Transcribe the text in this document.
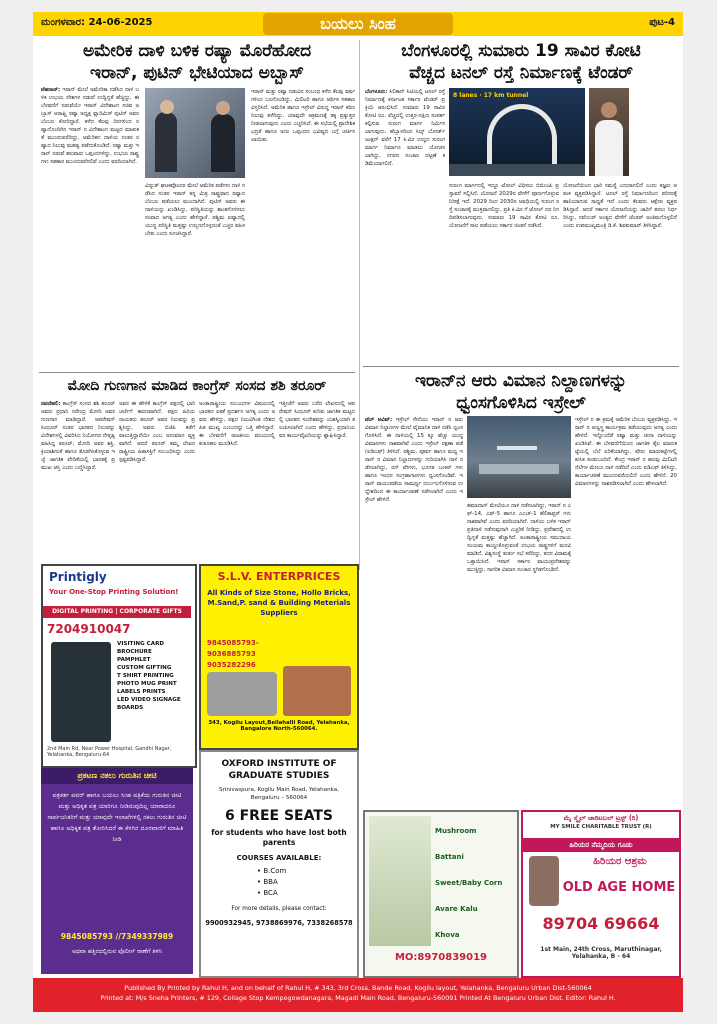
ಮಂಗಳವಾರ: 24-06-2025	ಬಯಲು ಸಿಂಹ	ಪುಟ-4
ಅಮೇರಿಕ ದಾಳಿ ಬಳಿಕ ರಷ್ಯಾ ಮೊರೆಹೋದ
ಇರಾನ್, ಪುಟಿನ್ ಭೇಟಿಯಾದ ಅಬ್ಬಾಸ್

ಟೆಹರಾನ್: ಇರಾನ್ ಮೇಲೆ ಅಮೇರಿಕಾ ನಡೆಸಿದ ದಾಳಿ ಬಳಿಕ ಉಭಯ ದೇಶಗಳ ನಡುವೆ ಉದ್ವಿಗ್ನತೆ ಹೆಚ್ಚಿದ್ದು, ಈ ಬೆಳವಣಿಗೆ ನಡುವೆಯೇ ಇರಾನ್ ವಿದೇಶಾಂಗ ಸಚಿವ ಅಬ್ಬಾಸ್ ಅರಾಘ್ಚಿ ರಷ್ಯಾ ಅಧ್ಯಕ್ಷ ವ್ಲಾದಿಮಿರ್ ಪುಟಿನ್ ಅವರ ಬೆಂಬಲ ಕೋರಿದ್ದಾರೆ. ಕಳೆದ ಕೆಲವು ದಿನಗಳಿಂದ ರಷ್ಯಾದೊಂದಿಗಿನ ಇರಾನ್ ನ ವಿದೇಶಾಂಗ ಮಟ್ಟದ ಮಾತುಕತೆ ಮುಂದುವರೆದಿದ್ದು, ಅಮೆರಿಕದ ದಾಳಿಯ ನಂತರ ರಷ್ಯಾದ ನಿಲುವು ಮಹತ್ವ ಪಡೆದುಕೊಂಡಿದೆ. ರಷ್ಯಾ ಮತ್ತು ಇರಾನ್ ನಡುವೆ ಹಲವಾರು ಒಪ್ಪಂದಗಳಿದ್ದು, ಉಭಯ ರಾಷ್ಟ್ರಗಳು ಸಹಕಾರ ಮುಂದುವರೆಸಲಿವೆ ಎಂದು ವರದಿಯಾಗಿದೆ.

ವಿದ್ಯುತ್ ಘಟಕವೊಂದರ ಮೇಲೆ ಅಮೆರಿಕ ಪಡೆಗಳು ದಾಳಿ ನಡೆಸಿದ ನಂತರ ಇರಾನ್ ತನ್ನ ಮಿತ್ರ ರಾಷ್ಟ್ರವಾದ ರಷ್ಯಾದ ಬೆಂಬಲ ಪಡೆಯಲು ಮುಂದಾಗಿದೆ. ಪುಟಿನ್ ಅವರು ಈ ದಾಳಿಯನ್ನು ಖಂಡಿಸಿದ್ದು, ಪರಿಸ್ಥಿತಿಯನ್ನು ಶಾಂತಗೊಳಿಸಲು ಸಂವಾದ ಅಗತ್ಯ ಎಂದು ಹೇಳಿದ್ದಾರೆ. ಪಶ್ಚಿಮ ಏಷ್ಯಾದಲ್ಲಿ ಯುದ್ಧ ಪರಿಸ್ಥಿತಿ ಮತ್ತಷ್ಟು ಉಲ್ಬಣಗೊಳ್ಳದಂತೆ ಎಚ್ಚರ ವಹಿಸಬೇಕು ಎಂದು ಸೂಚಿಸಿದ್ದಾರೆ.

ಇರಾನ್ ಮತ್ತು ರಷ್ಯಾ ನಡುವಿನ ಸಂಬಂಧ ಕಳೆದ ಕೆಲವು ವರ್ಷಗಳಿಂದ ಬಲಗೊಂಡಿದ್ದು, ಮಿಲಿಟರಿ ಹಾಗೂ ಆರ್ಥಿಕ ಸಹಕಾರ ವಿಸ್ತರಿಸಿದೆ. ಅಮೆರಿಕ ಹಾಗೂ ಇಸ್ರೇಲ್ ವಿರುದ್ಧ ಇರಾನ್ ಕಠಿಣ ನಿಲುವು ತಳೆದಿದ್ದು, ಯಾವುದೇ ಆಕ್ರಮಣಕ್ಕೆ ತಕ್ಕ ಪ್ರತ್ಯುತ್ತರ ನೀಡಲಾಗುವುದು ಎಂದು ಎಚ್ಚರಿಸಿದೆ. ಈ ಸಭೆಯಲ್ಲಿ ಪ್ರಾದೇಶಿಕ ಭದ್ರತೆ ಹಾಗೂ ಅಣು ಒಪ್ಪಂದದ ಭವಿಷ್ಯದ ಬಗ್ಗೆ ಚರ್ಚಿಸಲಾಯಿತು.

ಮೋದಿ ಗುಣಗಾನ ಮಾಡಿದ ಕಾಂಗ್ರೆಸ್ ಸಂಸದ ಶಶಿ ತರೂರ್

ನವದೆಹಲಿ: ಕಾಂಗ್ರೆಸ್ ಸಂಸದ ಶಶಿ ತರೂರ್ ಅವರು ಪ್ರಧಾನಿ ನರೇಂದ್ರ ಮೋದಿ ಅವರ ಗುಣಗಾನ ಮಾಡಿದ್ದಾರೆ. ಆಪರೇಷನ್ ಸಿಂಧೂರ್ ನಂತರ ಭಾರತದ ನಿಲುವನ್ನು ವಿದೇಶಗಳಲ್ಲಿ ವಿವರಿಸಿದ ನಿಯೋಗದ ನೇತೃತ್ವ ವಹಿಸಿದ್ದ ತರೂರ್, ಮೋದಿ ಅವರ ಶಕ್ತಿ, ಕ್ರಿಯಾಶೀಲತೆ ಹಾಗೂ ತೊಡಗಿಸಿಕೊಳ್ಳುವ ಇಚ್ಛೆ ಜಾಗತಿಕ ವೇದಿಕೆಯಲ್ಲಿ ಭಾರತಕ್ಕೆ ಪ್ರಮುಖ ಆಸ್ತಿ ಎಂದು ಬಣ್ಣಿಸಿದ್ದಾರೆ.

ಅವರ ಈ ಹೇಳಿಕೆ ಕಾಂಗ್ರೆಸ್ ಪಕ್ಷದಲ್ಲಿ ಭಾರಿ ಚರ್ಚೆಗೆ ಕಾರಣವಾಗಿದೆ. ಪಕ್ಷದ ಹಿರಿಯ ನಾಯಕರು ತರೂರ್ ಅವರ ನಿಲುವನ್ನು ಪ್ರಶ್ನಿಸಿದ್ದು, ಅವರು ಬಿಜೆಪಿ ಕಡೆಗೆ ವಾಲುತ್ತಿದ್ದಾರೆಯೇ ಎಂಬ ಅನುಮಾನ ವ್ಯಕ್ತವಾಗಿದೆ. ಆದರೆ ತರೂರ್ ತಮ್ಮ ಲೇಖನ ರಾಷ್ಟ್ರೀಯ ಹಿತಾಸಕ್ತಿಗೆ ಸಂಬಂಧಿಸಿದ್ದು ಎಂದು ಸ್ಪಷ್ಟಪಡಿಸಿದ್ದಾರೆ.

ಅಂತಾರಾಷ್ಟ್ರೀಯ ಸಂಬಂಧಗಳ ವಿಷಯದಲ್ಲಿ ಭಾರತದ ಏಕತೆ ಪ್ರದರ್ಶನ ಅಗತ್ಯ ಎಂದು ಅವರು ಹೇಳಿದ್ದು, ಪಕ್ಷದ ನಿಲುವಿಗಿಂತ ದೇಶದ ಹಿತ ಮುಖ್ಯ ಎಂಬುದನ್ನು ಒತ್ತಿ ಹೇಳಿದ್ದಾರೆ. ಈ ಬೆಳವಣಿಗೆ ರಾಜಕೀಯ ವಲಯದಲ್ಲಿ ಕುತೂಹಲ ಮೂಡಿಸಿದೆ.

ಇತ್ತೀಚೆಗೆ ಅವರು ಬರೆದ ಲೇಖನದಲ್ಲಿ ಆಪರೇಷನ್ ಸಿಂಧೂರ್ ಕುರಿತು ಜಾಗತಿಕ ಮಟ್ಟದಲ್ಲಿ ಭಾರತದ ಸಂದೇಶವನ್ನು ಯಶಸ್ವಿಯಾಗಿ ತಲುಪಿಸಲಾಗಿದೆ ಎಂದು ಹೇಳಿದ್ದು, ಪ್ರಧಾನಿಯವರ ಕಾರ್ಯವೈಖರಿಯನ್ನು ಶ್ಲಾಘಿಸಿದ್ದಾರೆ.

ಬೆಂಗಳೂರಲ್ಲಿ ಸುಮಾರು 19 ಸಾವಿರ ಕೋಟಿ
ವೆಚ್ಚದ ಟನಲ್ ರಸ್ತೆ ನಿರ್ಮಾಣಕ್ಕೆ ಟೆಂಡರ್

ಬೆಂಗಳೂರು: ಸಿಲಿಕಾನ್ ಸಿಟಿಯಲ್ಲಿ ಟನಲ್ ರಸ್ತೆ ನಿರ್ಮಾಣಕ್ಕೆ ಕರ್ನಾಟಕ ಸರ್ಕಾರ ಟೆಂಡರ್ ಪ್ರಕ್ರಿಯೆ ಆರಂಭಿಸಿದೆ. ಸುಮಾರು 19 ಸಾವಿರ ಕೋಟಿ ರೂ. ವೆಚ್ಚದಲ್ಲಿ ಉತ್ತರ-ದಕ್ಷಿಣ ಸಂಪರ್ಕ ಕಲ್ಪಿಸುವ ಸುರಂಗ ಮಾರ್ಗ ನಿರ್ಮಿಸಲಾಗುವುದು. ಹೆಬ್ಬಾಳದಿಂದ ಸಿಲ್ಕ್ ಬೋರ್ಡ್ ಜಂಕ್ಷನ್ ವರೆಗೆ 17 ಕಿ.ಮೀ ಉದ್ದದ ಸುರಂಗ ಮಾರ್ಗ ನಿರ್ಮಾಣ ಮಾಡಲು ಯೋಜಿಸಲಾಗಿದ್ದು, ನಗರದ ಸಂಚಾರ ದಟ್ಟಣೆ ಕಡಿಮೆಯಾಗಲಿದೆ.

8 lanes · 17 km tunnel

ಸುರಂಗ ಮಾರ್ಗದಲ್ಲಿ ಇದ್ದೂ ಟೋಲ್ ವಿಧಿಸಲು ಬಿಬಿಎಂಪಿ ಪ್ರಸ್ತಾವನೆ ಸಲ್ಲಿಸಿದೆ. ಯೋಜನೆ 2029ರ ವೇಳೆಗೆ ಪೂರ್ಣಗೊಳ್ಳುವ ನಿರೀಕ್ಷೆ ಇದೆ. 2029 ರಿಂದ 2030ರ ಅವಧಿಯಲ್ಲಿ ಸುರಂಗ ರಸ್ತೆ ಸಂಚಾರಕ್ಕೆ ಮುಕ್ತವಾಗಲಿದ್ದು, ಪ್ರತಿ ಕಿ.ಮೀ ಗೆ ಟೋಲ್ ದರ ನಿಗದಿಪಡಿಸಲಾಗುವುದು. ಸುಮಾರು 19 ಸಾವಿರ ಕೋಟಿ ರೂ. ಯೋಜನೆಗೆ ಸಾಲ ಪಡೆಯಲು ಸರ್ಕಾರ ಚಿಂತನೆ ನಡೆಸಿದೆ.

ಯೋಜನೆಯಿಂದ ಭಾರಿ ಸಮಸ್ಯೆ ಎದುರಾಗಲಿದೆ ಎಂದು ತಜ್ಞರು ಆತಂಕ ವ್ಯಕ್ತಪಡಿಸಿದ್ದಾರೆ. ಟನಲ್ ರಸ್ತೆ ನಿರ್ಮಾಣದಿಂದ ಪರಿಸರಕ್ಕೆ ಹಾನಿಯಾಗುವ ಸಾಧ್ಯತೆ ಇದೆ ಎಂದು ಕೆಲವರು ಆಕ್ಷೇಪ ವ್ಯಕ್ತಪಡಿಸಿದ್ದಾರೆ. ಆದರೆ ಸರ್ಕಾರ ಯೋಜನೆಯನ್ನು ಜಾರಿಗೆ ತರಲು ನಿರ್ಧರಿಸಿದ್ದು, ನವೆಂಬರ್ ಅಂತ್ಯದ ವೇಳೆಗೆ ಟೆಂಡರ್ ಅಂತಿಮಗೊಳ್ಳಲಿದೆ ಎಂದು ಉಪಮುಖ್ಯಮಂತ್ರಿ ಡಿ.ಕೆ. ಶಿವಕುಮಾರ್ ತಿಳಿಸಿದ್ದಾರೆ.

ಇರಾನ್‌ನ ಆರು ವಿಮಾನ ನಿಲ್ದಾಣಗಳನ್ನು
ಧ್ವಂಸಗೊಳಿಸಿದ ಇಸ್ರೇಲ್

ಟೆಲ್ ಅವಿವ್: ಇಸ್ರೇಲ್ ಸೇನೆಯು ಇರಾನ್ ನ ಆರು ವಿಮಾನ ನಿಲ್ದಾಣಗಳ ಮೇಲೆ ವೈಮಾನಿಕ ದಾಳಿ ನಡೆಸಿ ಧ್ವಂಸಗೊಳಿಸಿದೆ. ಈ ದಾಳಿಯಲ್ಲಿ 15 ಕ್ಕೂ ಹೆಚ್ಚು ಯುದ್ಧ ವಿಮಾನಗಳು ನಾಶವಾಗಿವೆ ಎಂದು ಇಸ್ರೇಲ್ ರಕ್ಷಣಾ ಪಡೆ (ಐಡಿಎಫ್) ತಿಳಿಸಿದೆ. ಪಶ್ಚಿಮ, ಪೂರ್ವ ಹಾಗೂ ಮಧ್ಯ ಇರಾನ್ ನ ವಿಮಾನ ನಿಲ್ದಾಣಗಳನ್ನು ಗುರಿಯಾಗಿಸಿ ದಾಳಿ ನಡೆಸಲಾಗಿದ್ದು, ರನ್ ವೇಗಳು, ಭೂಗತ ಬಂಕರ್ ಗಳು ಹಾಗೂ ಇಂಧನ ಸಂಗ್ರಹಾಗಾರಗಳು ಧ್ವಂಸಗೊಂಡಿವೆ. ಇರಾನ್ ವಾಯುಪಡೆಯ ಸಾಮರ್ಥ್ಯ ದುರ್ಬಲಗೊಳಿಸುವ ಉದ್ದೇಶದಿಂದ ಈ ಕಾರ್ಯಾಚರಣೆ ನಡೆಸಲಾಗಿದೆ ಎಂದು ಇಸ್ರೇಲ್ ಹೇಳಿದೆ.

ಹಮಾದಾನ್ ಮೇಲೆಯೂ ದಾಳಿ ನಡೆಸಲಾಗಿದ್ದು, ಇರಾನ್ ನ ಎಫ್-14, ಎಫ್-5 ಹಾಗೂ ಎಎಚ್-1 ಹೆಲಿಕಾಪ್ಟರ್ ಗಳು ನಾಶವಾಗಿವೆ ಎಂದು ವರದಿಯಾಗಿದೆ. ದಾಳಿಯ ಬಳಿಕ ಇರಾನ್ ಪ್ರತಿದಾಳಿ ನಡೆಸುವುದಾಗಿ ಎಚ್ಚರಿಕೆ ನೀಡಿದ್ದು, ಪ್ರದೇಶದಲ್ಲಿ ಉದ್ವಿಗ್ನತೆ ಮತ್ತಷ್ಟು ಹೆಚ್ಚಾಗಿದೆ. ಅಂತಾರಾಷ್ಟ್ರೀಯ ಸಮುದಾಯ ಸಂಯಮ ಕಾಯ್ದುಕೊಳ್ಳುವಂತೆ ಉಭಯ ರಾಷ್ಟ್ರಗಳಿಗೆ ಮನವಿ ಮಾಡಿದೆ. ವಿಶ್ವಸಂಸ್ಥೆ ತುರ್ತು ಸಭೆ ಕರೆದಿದ್ದು, ಕದನ ವಿರಾಮಕ್ಕೆ ಒತ್ತಾಯಿಸಿದೆ. ಇರಾನ್ ಸರ್ಕಾರ ವಾಯುಪ್ರದೇಶವನ್ನು ಮುಚ್ಚಿದ್ದು, ನಾಗರಿಕ ವಿಮಾನ ಸಂಚಾರ ಸ್ಥಗಿತಗೊಂಡಿದೆ.

ಇಸ್ರೇಲ್ ನ ಈ ಕ್ರಮಕ್ಕೆ ಅಮೆರಿಕ ಬೆಂಬಲ ವ್ಯಕ್ತಪಡಿಸಿದ್ದು, ಇರಾನ್ ನ ಅಣ್ವಸ್ತ್ರ ಕಾರ್ಯಕ್ರಮ ತಡೆಯುವುದು ಅಗತ್ಯ ಎಂದು ಹೇಳಿದೆ. ಇನ್ನೊಂದೆಡೆ ರಷ್ಯಾ ಮತ್ತು ಚೀನಾ ದಾಳಿಯನ್ನು ಖಂಡಿಸಿವೆ. ಈ ಬೆಳವಣಿಗೆಯಿಂದ ಜಾಗತಿಕ ತೈಲ ಮಾರುಕಟ್ಟೆಯಲ್ಲಿ ಬೆಲೆ ಏರಿಕೆಯಾಗಿದ್ದು, ಷೇರು ಮಾರುಕಟ್ಟೆಗಳಲ್ಲಿ ಕುಸಿತ ಕಂಡುಬಂದಿದೆ. ಕೇಂದ್ರ ಇರಾನ್ ನ ಹಲವು ಮಿಲಿಟರಿ ನೆಲೆಗಳ ಮೇಲೂ ದಾಳಿ ನಡೆದಿದೆ ಎಂದು ಐಡಿಎಫ್ ತಿಳಿಸಿದ್ದು, ಕಾರ್ಯಾಚರಣೆ ಮುಂದುವರೆಯಲಿದೆ ಎಂದು ಹೇಳಿದೆ. 20 ವಿಮಾನಗಳನ್ನು ನಾಶಪಡಿಸಲಾಗಿದೆ ಎಂದು ಹೇಳಲಾಗಿದೆ.

Printigly
Your One-Stop Printing Solution!
DIGITAL PRINTING | CORPORATE GIFTS
7204910047
VISITING CARD
BROCHURE
PAMPHLET
CUSTOM GIFTING
T SHIRT PRINTING
PHOTO MUG PRINT
LABELS PRINTS
LED VIDEO SIGNAGE BOARDS
2nd Main Rd, Near Power Hospital, Gandhi Nagar, Yelahanka, Bengaluru-64
S.L.V. ENTERPRICES
All Kinds of Size Stone, Hollo Bricks, M.Sand,P. sand & Building Meterials Suppliers
9845085793-9036885793 9035282296
343, Kogilu Layout,Bellahalli Road, Yelahanka, Bangalore North-560064.
OXFORD INSTITUTE OF GRADUATE STUDIES
Srinivaspura, Kogilu Main Road, Yelahanka, Bengaluru – 560064
6 FREE SEATS
for students who have lost both parents
COURSES AVAILABLE:
• B.Com
• BBA
• BCA
For more details, please contact:
9900932945, 9738869976, 7338268578
ಪ್ರಕಟಣ ನಕಲು ಗುರುತಿನ ಚೀಟಿ
ಪತ್ರಕರ್ತ ಪವರ್ ಹಾಗೂ ಬಯಲು ಸಿಂಹ ಪತ್ರಿಕೆಯ ಗುರುತಿನ ಚೀಟಿ ಮತ್ತು ಅಧಿಕೃತ ಪತ್ರ ಯಾರಿಗೂ ನೀಡಿರುವುದಿಲ್ಲ ಯಾರಾದರೂ ಸಾರ್ವಜನಿಕರಿಗೆ ಮತ್ತು ಯಾವುದೇ ಇಲಾಖೆಗಳಲ್ಲಿ ನಕಲು ಗುರುತಿನ ಚೀಟಿ ಹಾಗೂ ಅಧಿಕೃತ ಪತ್ರ ತೋರಿಸಿದರೆ ಈ ಕೆಳಗಿನ ದೂರವಾಣಿಗೆ ಮಾಹಿತಿ ನೀಡಿ
9845085793 //7349337989
ಅಥವಾ ಹತ್ತಿರದಲ್ಲಿರುವ ಪೊಲೀಸ್ ಠಾಣೆಗೆ ತಿಳಿಸಿ
Mushroom
Battani
Sweet/Baby Corn
Avare Kalu
Khova
MO:8970839019
ಮೈ ಸ್ಮೈಲ್ ಚಾರಿಟಬಲ್ ಟ್ರಸ್ಟ್ (ರಿ)
MY SMILE CHARITABLE TRUST (R)
ಹಿರಿಯರ ನೆಮ್ಮದಿಯ ಗೂಡು
ಹಿರಿಯರ ಆಶ್ರಮ
OLD AGE HOME
89704 69664
1st Main, 24th Cross, Maruthinagar, Yelahanka, B - 64
Published By Printed by Rahul H, and on behalf of Rahul H, # 343, 3rd Cross, Bande Road, Kogilu layout, Yelahanka, Bengaluru Urban Dist-560064
Printed at: M/s Sneha Printers, # 129, Collage Stop Kempegowdanagara, Magadi Main Road, Bengaluru-560091 Printed At Bengaluru Urban Dist. Editor: Rahul H.
